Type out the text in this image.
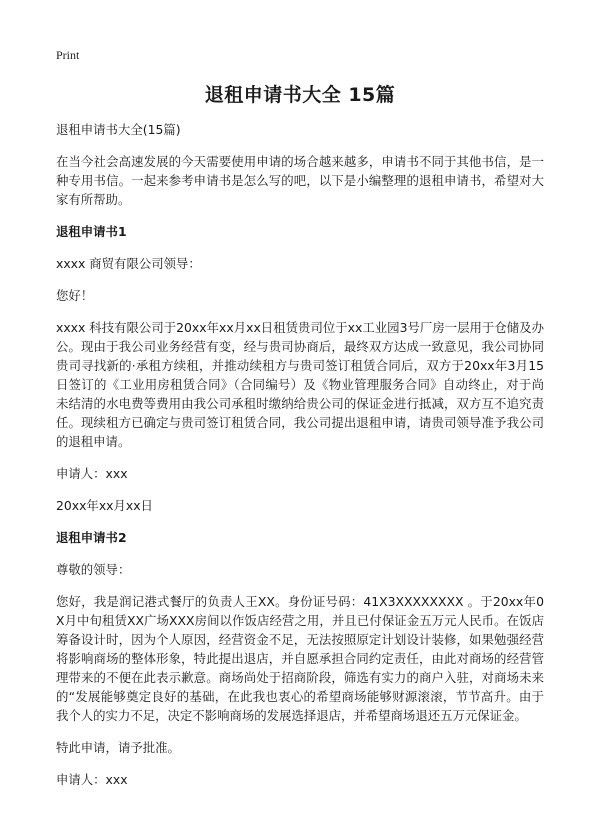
Print
退租申请书大全 15篇

退租申请书大全(15篇)

在当今社会高速发展的今天需要使用申请的场合越来越多，申请书不同于其他书信，是一种专用书信。一起来参考申请书是怎么写的吧，以下是小编整理的退租申请书，希望对大家有所帮助。

退租申请书1

xxxx 商贸有限公司领导：

您好！

xxxx 科技有限公司于20xx年xx月xx日租赁贵司位于xx工业园3号厂房一层用于仓储及办公。现由于我公司业务经营有变，经与贵司协商后，最终双方达成一致意见，我公司协同贵司寻找新的·承租方续租，并推动续租方与贵司签订租赁合同后，双方于20xx年3月15日签订的《工业用房租赁合同》（合同编号）及《物业管理服务合同》自动终止，对于尚未结清的水电费等费用由我公司承租时缴纳给贵公司的保证金进行抵减，双方互不追究责任。现续租方已确定与贵司签订租赁合同，我公司提出退租申请，请贵司领导准予我公司的退租申请。

申请人：xxx

20xx年xx月xx日

退租申请书2

尊敬的领导：

您好，我是润记港式餐厅的负责人王XX。身份证号码：41X3XXXXXXXX 。于20xx年0X月中旬租赁XX广场XXX房间以作饭店经营之用，并且已付保证金五万元人民币。在饭店筹备设计时，因为个人原因，经营资金不足，无法按照原定计划设计装修，如果勉强经营将影响商场的整体形象，特此提出退店，并自愿承担合同约定责任，由此对商场的经营管理带来的不便在此表示歉意。商场尚处于招商阶段，筛选有实力的商户入驻，对商场未来的“发展能够奠定良好的基础，在此我也衷心的希望商场能够财源滚滚，节节高升。由于我个人的实力不足，决定不影响商场的发展选择退店，并希望商场退还五万元保证金。

特此申请，请予批准。

申请人：xxx
